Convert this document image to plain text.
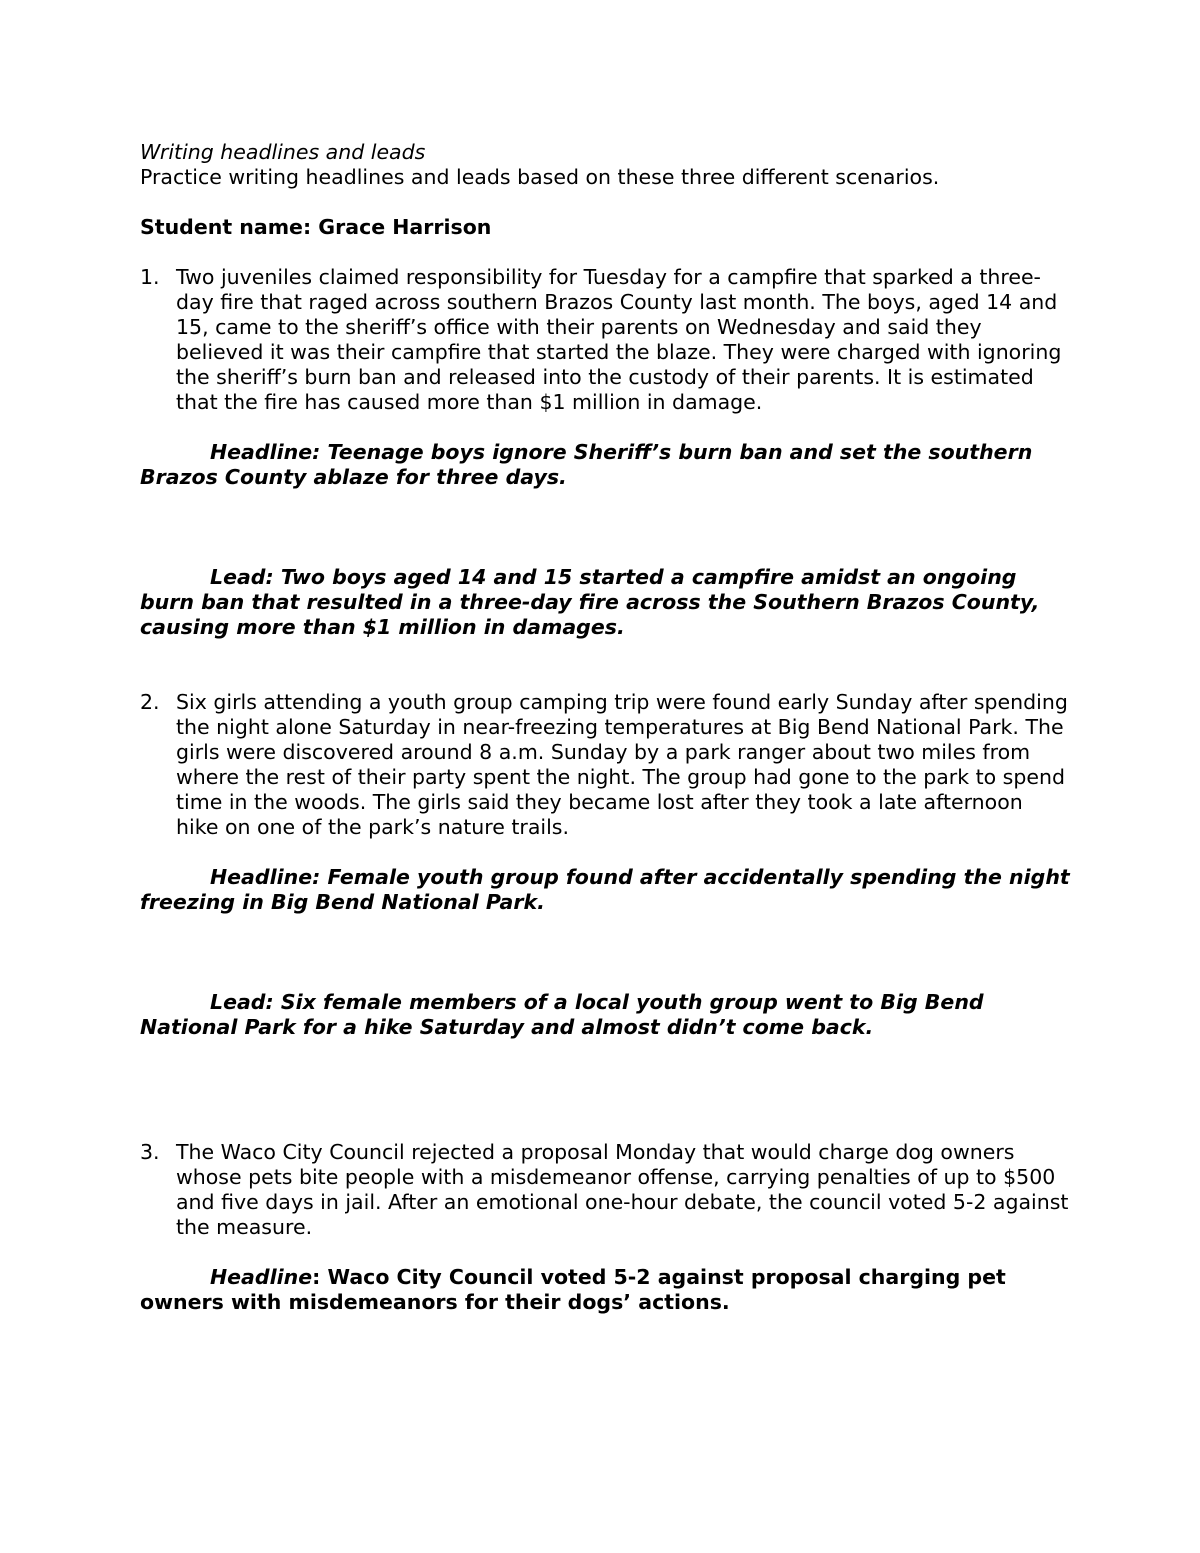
Writing headlines and leads

Practice writing headlines and leads based on these three different scenarios.

Student name: Grace Harrison

1. Two juveniles claimed responsibility for Tuesday for a campfire that sparked a three-day fire that raged across southern Brazos County last month. The boys, aged 14 and 15, came to the sheriff’s office with their parents on Wednesday and said they believed it was their campfire that started the blaze. They were charged with ignoring the sheriff’s burn ban and released into the custody of their parents. It is estimated that the fire has caused more than $1 million in damage.

Headline: Teenage boys ignore Sheriff’s burn ban and set the southern Brazos County ablaze for three days.

Lead: Two boys aged 14 and 15 started a campfire amidst an ongoing burn ban that resulted in a three-day fire across the Southern Brazos County, causing more than $1 million in damages.

2. Six girls attending a youth group camping trip were found early Sunday after spending the night alone Saturday in near-freezing temperatures at Big Bend National Park. The girls were discovered around 8 a.m. Sunday by a park ranger about two miles from where the rest of their party spent the night. The group had gone to the park to spend time in the woods. The girls said they became lost after they took a late afternoon hike on one of the park’s nature trails.

Headline: Female youth group found after accidentally spending the night freezing in Big Bend National Park.

Lead: Six female members of a local youth group went to Big Bend National Park for a hike Saturday and almost didn’t come back.

3. The Waco City Council rejected a proposal Monday that would charge dog owners whose pets bite people with a misdemeanor offense, carrying penalties of up to $500 and five days in jail. After an emotional one-hour debate, the council voted 5-2 against the measure.

Headline: Waco City Council voted 5-2 against proposal charging pet owners with misdemeanors for their dogs’ actions.
